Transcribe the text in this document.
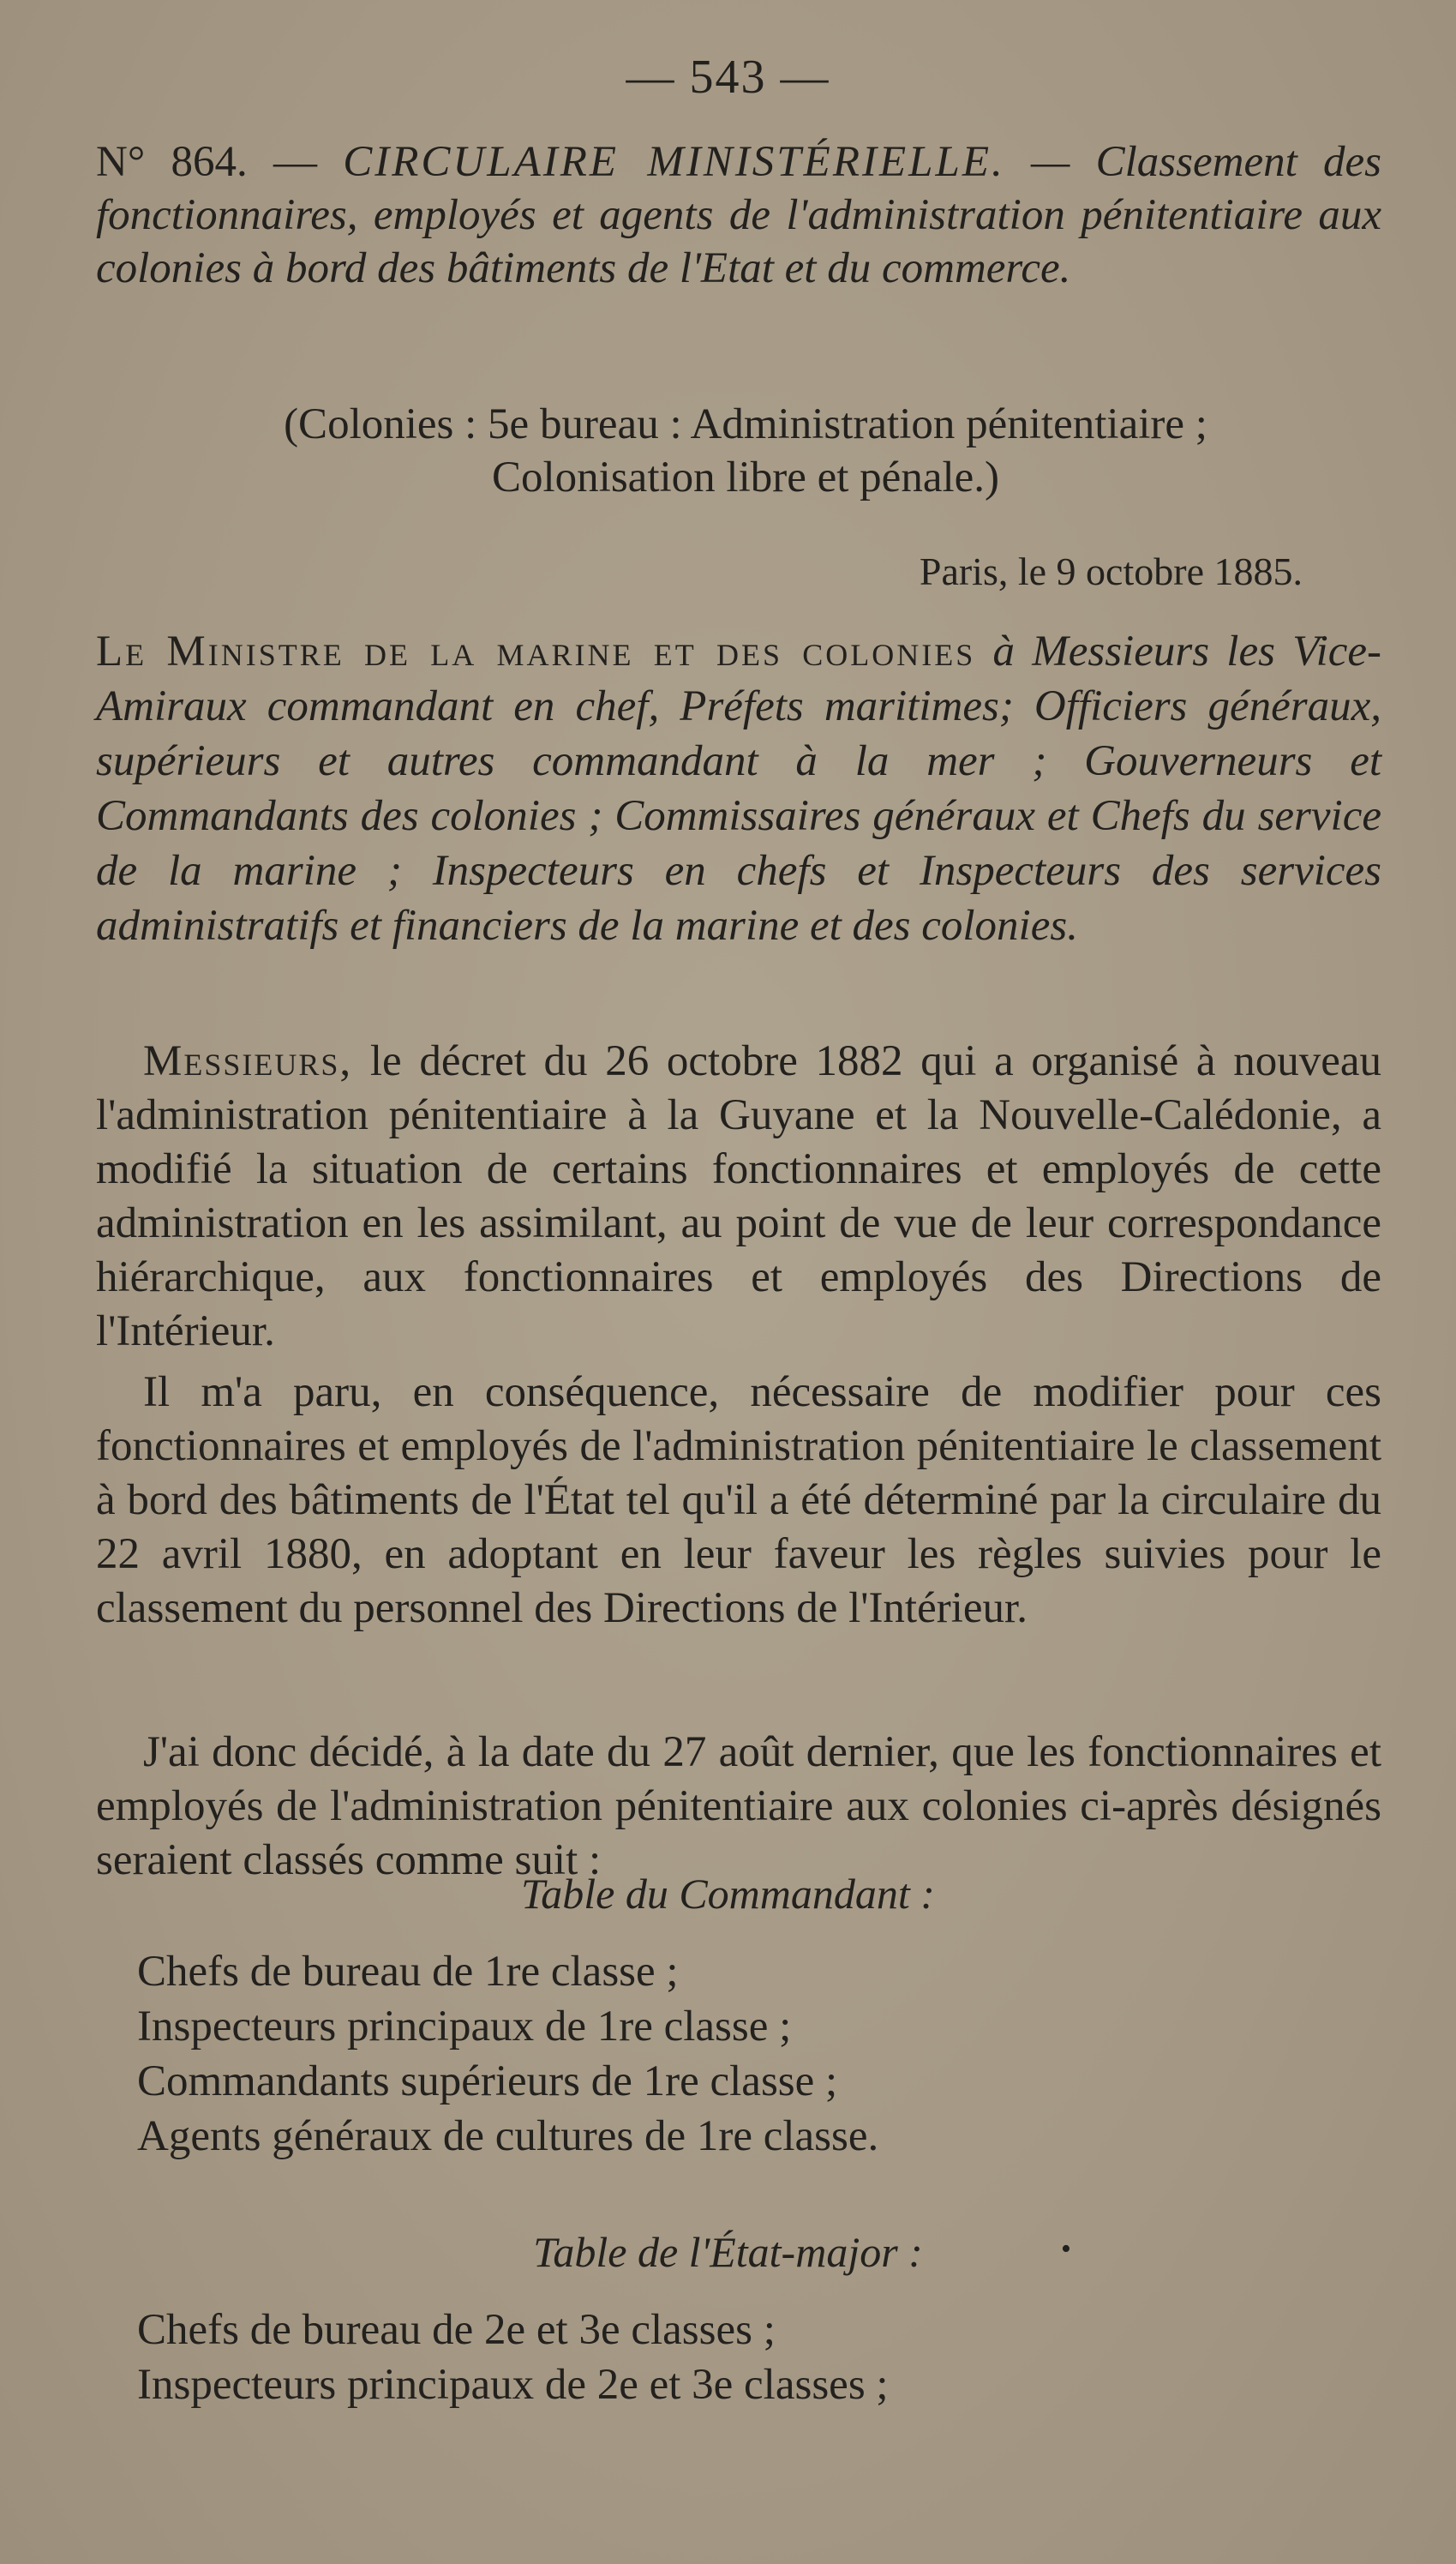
— 543 —
N° 864. — CIRCULAIRE MINISTÉRIELLE. — Classement des fonctionnaires, employés et agents de l'administration pénitentiaire aux colonies à bord des bâtiments de l'Etat et du commerce.
(Colonies : 5e bureau : Administration pénitentiaire ;
Colonisation libre et pénale.)
Paris, le 9 octobre 1885.
Le Ministre de la marine et des colonies à Messieurs les Vice-Amiraux commandant en chef, Préfets maritimes; Officiers généraux, supérieurs et autres commandant à la mer ; Gouverneurs et Commandants des colonies ; Commissaires généraux et Chefs du service de la marine ; Inspecteurs en chefs et Inspecteurs des services administratifs et financiers de la marine et des colonies.
Messieurs, le décret du 26 octobre 1882 qui a organisé à nouveau l'administration pénitentiaire à la Guyane et la Nouvelle-Calédonie, a modifié la situation de certains fonctionnaires et employés de cette administration en les assimilant, au point de vue de leur correspondance hiérarchique, aux fonctionnaires et employés des Directions de l'Intérieur.
Il m'a paru, en conséquence, nécessaire de modifier pour ces fonctionnaires et employés de l'administration pénitentiaire le classement à bord des bâtiments de l'État tel qu'il a été déterminé par la circulaire du 22 avril 1880, en adoptant en leur faveur les règles suivies pour le classement du personnel des Directions de l'Intérieur.
J'ai donc décidé, à la date du 27 août dernier, que les fonctionnaires et employés de l'administration pénitentiaire aux colonies ci-après désignés seraient classés comme suit :
Table du Commandant :
Chefs de bureau de 1re classe ;
Inspecteurs principaux de 1re classe ;
Commandants supérieurs de 1re classe ;
Agents généraux de cultures de 1re classe.
Table de l'État-major :	•
Chefs de bureau de 2e et 3e classes ;
Inspecteurs principaux de 2e et 3e classes ;
